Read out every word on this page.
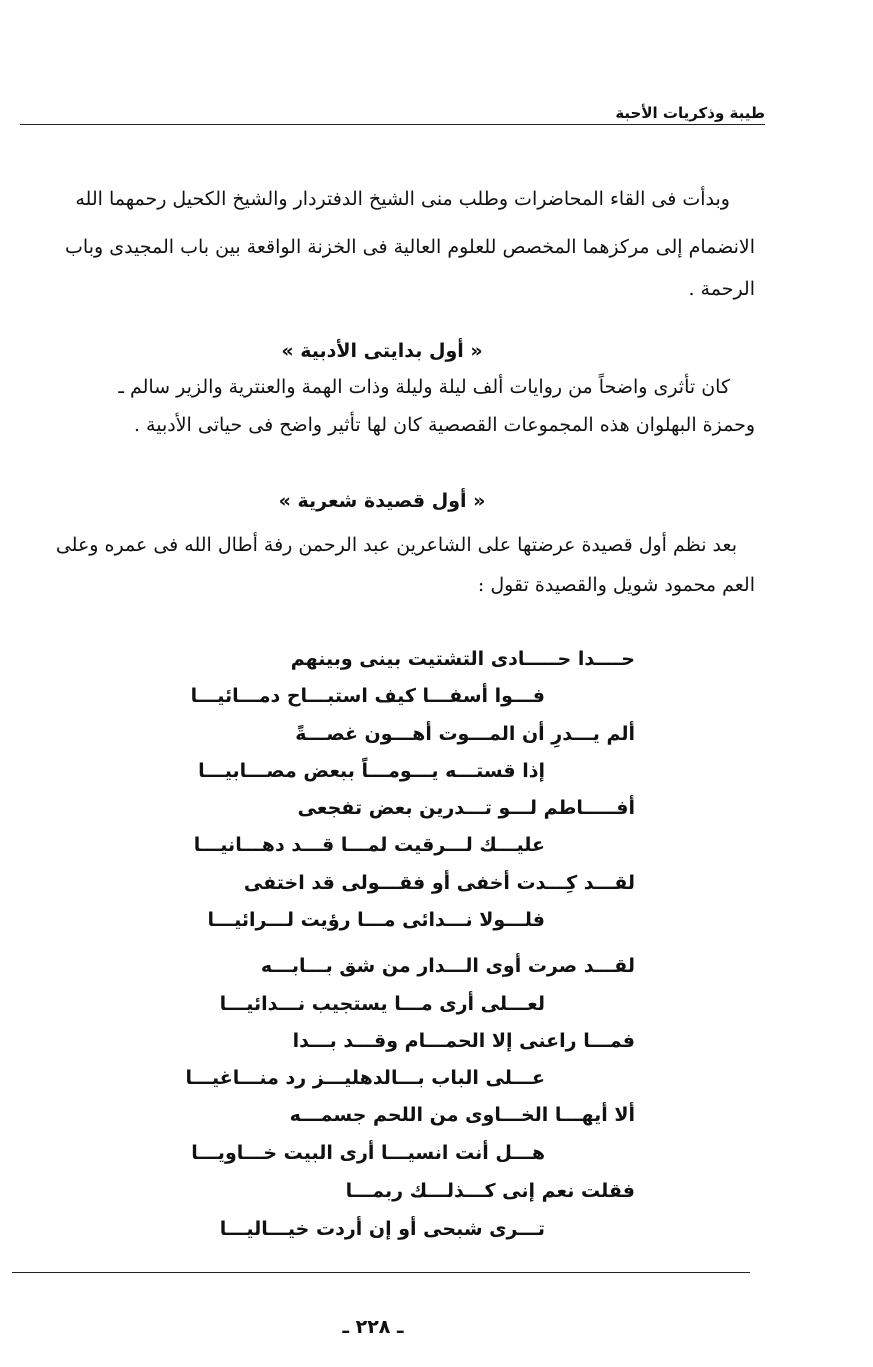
طيبة وذكريات الأحبة
وبدأت فى القاء المحاضرات وطلب منى الشيخ الدفتردار والشيخ الكحيل رحمهما الله
الانضمام إلى مركزهما المخصص للعلوم العالية فى الخزنة الواقعة بين باب المجيدى وباب
الرحمة .
« أول بدايتى الأدبية »
كان تأثرى واضحاً من روايات ألف ليلة وليلة وذات الهمة والعنترية والزير سالم ـ
وحمزة البهلوان هذه المجموعات القصصية كان لها تأثير واضح فى حياتى الأدبية .
« أول قصيدة شعرية »
بعد نظم أول قصيدة عرضتها على الشاعرين عبد الرحمن رفة أطال الله فى عمره وعلى
العم محمود شويل والقصيدة تقول :
حــــدا حـــــادى التشتيت بينى وبينهم
فـــوا أسفـــا كيف استبـــاح دمـــائيـــا
ألم يـــدرِ أن المـــوت أهـــون غصـــةً
إذا قستـــه يـــومـــاً ببعض مصـــابيـــا
أفـــــاطم لـــو تـــدرين بعض تفجعى
عليـــك لـــرقيت لمـــا قـــد دهـــانيـــا
لقـــد كِـــدت أخفى أو فقـــولى قد اختفى
فلـــولا نـــدائى مـــا رؤيت لـــرائيـــا
لقـــد صرت أوى الـــدار من شق بـــابـــه
لعـــلى أرى مـــا يستجيب نـــدائيـــا
فمـــا راعنى إلا الحمـــام وقـــد بـــدا
عـــلى الباب بـــالدهليـــز رد منـــاغيـــا
ألا أيهـــا الخـــاوى من اللحم جسمـــه
هـــل أنت انسيـــا أرى البيت خـــاويـــا
فقلت نعم إنى كـــذلـــك ربمـــا
تـــرى شبحى أو إن أردت خيـــاليـــا
ـ ٢٢٨ ـ
